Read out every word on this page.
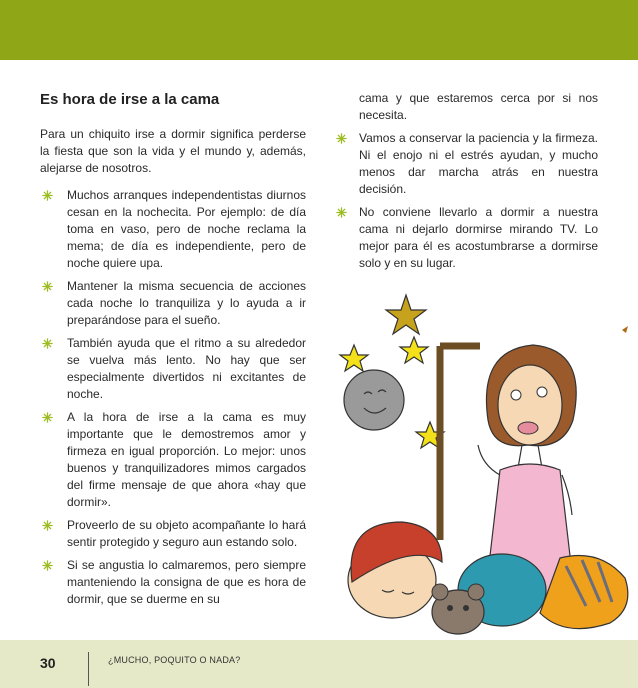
Es hora de irse a la cama

Para un chiquito irse a dormir significa perderse la fiesta que son la vida y el mundo y, además, alejarse de nosotros.

Muchos arranques independentistas diurnos cesan en la nochecita. Por ejemplo: de día toma en vaso, pero de noche reclama la mema; de día es independiente, pero de noche quiere upa.
Mantener la misma secuencia de acciones cada noche lo tranquiliza y lo ayuda a ir preparándose para el sueño.
También ayuda que el ritmo a su alrededor se vuelva más lento. No hay que ser especialmente divertidos ni excitantes de noche.
A la hora de irse a la cama es muy importante que le demostremos amor y firmeza en igual proporción. Lo mejor: unos buenos y tranquilizadores mimos cargados del firme mensaje de que ahora «hay que dormir».
Proveerlo de su objeto acompañante lo hará sentir protegido y seguro aun estando solo.
Si se angustia lo calmaremos, pero siempre manteniendo la consigna de que es hora de dormir, que se duerme en su

cama y que estaremos cerca por si nos necesita.

Vamos a conservar la paciencia y la firmeza. Ni el enojo ni el estrés ayudan, y mucho menos dar marcha atrás en nuestra decisión.
No conviene llevarlo a dormir a nuestra cama ni dejarlo dormirse mirando TV. Lo mejor para él es acostumbrarse a dormirse solo y en su lugar.
30	¿MUCHO, POQUITO O NADA?
